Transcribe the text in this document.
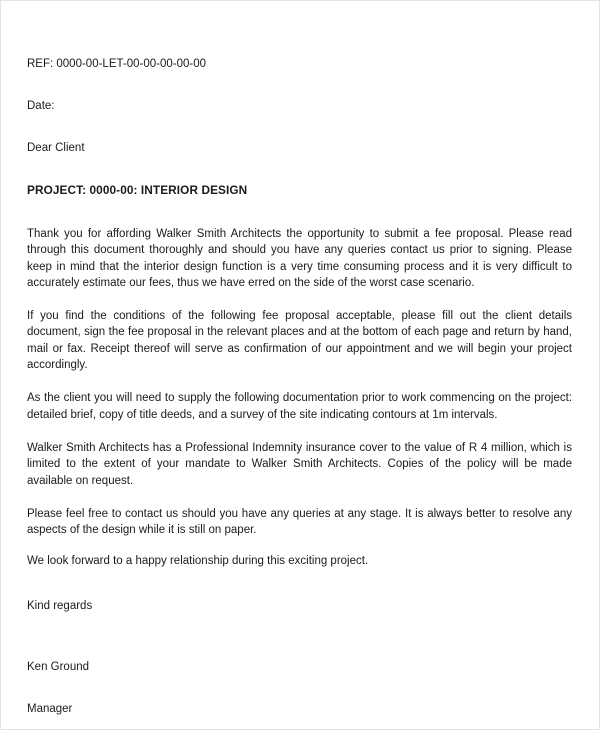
REF: 0000-00-LET-00-00-00-00-00

Date:

Dear Client

PROJECT: 0000-00: INTERIOR DESIGN

Thank you for affording Walker Smith Architects the opportunity to submit a fee proposal. Please read through this document thoroughly and should you have any queries contact us prior to signing. Please keep in mind that the interior design function is a very time consuming process and it is very difficult to accurately estimate our fees, thus we have erred on the side of the worst case scenario.

If you find the conditions of the following fee proposal acceptable, please fill out the client details document, sign the fee proposal in the relevant places and at the bottom of each page and return by hand, mail or fax. Receipt thereof will serve as confirmation of our appointment and we will begin your project accordingly.

As the client you will need to supply the following documentation prior to work commencing on the project: detailed brief, copy of title deeds, and a survey of the site indicating contours at 1m intervals.

Walker Smith Architects has a Professional Indemnity insurance cover to the value of R 4 million, which is limited to the extent of your mandate to Walker Smith Architects. Copies of the policy will be made available on request.

Please feel free to contact us should you have any queries at any stage. It is always better to resolve any aspects of the design while it is still on paper.

We look forward to a happy relationship during this exciting project.

Kind regards

Ken Ground

Manager
